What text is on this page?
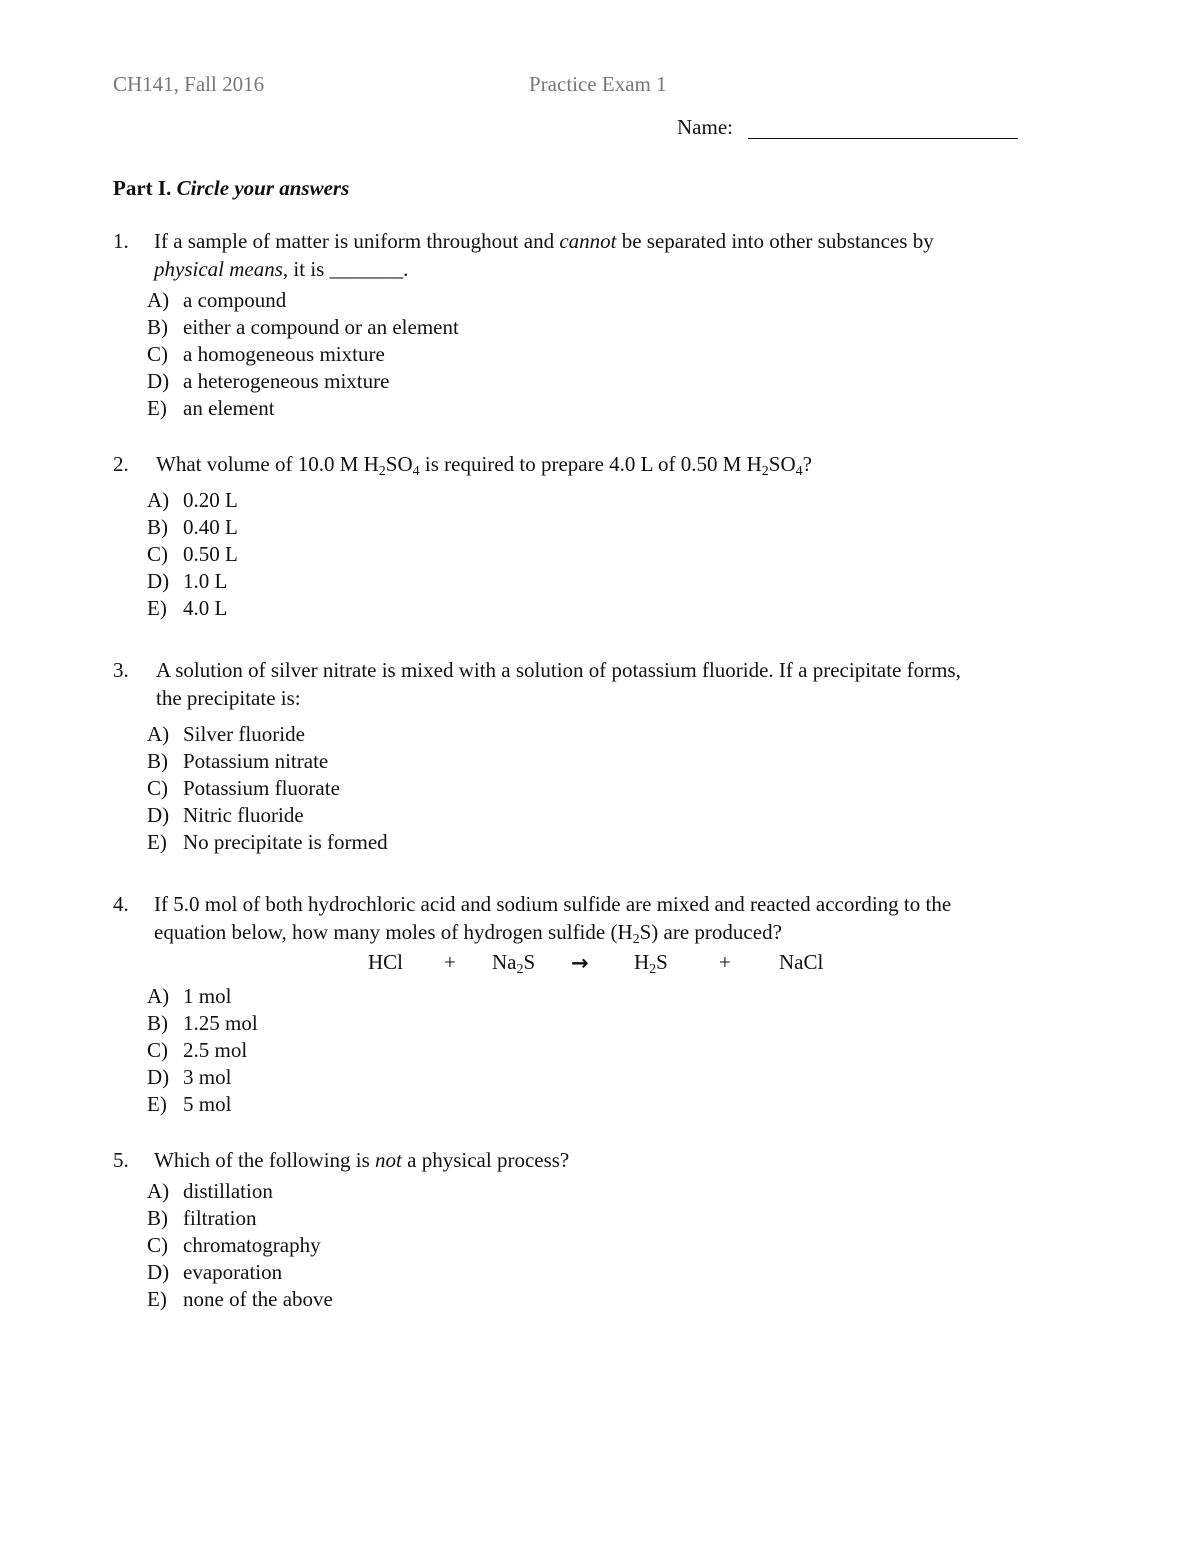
CH141, Fall 2016	Practice Exam 1
Name:
Part I. Circle your answers
1. If a sample of matter is uniform throughout and cannot be separated into other substances by
physical means, it is _______.
A) a compound
B) either a compound or an element
C) a homogeneous mixture
D) a heterogeneous mixture
E) an element
2. What volume of 10.0 M $H_2SO_4$ is required to prepare 4.0 L of 0.50 M $H_2SO_4$?
A) 0.20 L
B) 0.40 L
C) 0.50 L
D) 1.0 L
E) 4.0 L
3. A solution of silver nitrate is mixed with a solution of potassium fluoride. If a precipitate forms,
the precipitate is:
A) Silver fluoride
B) Potassium nitrate
C) Potassium fluorate
D) Nitric fluoride
E) No precipitate is formed
4. If 5.0 mol of both hydrochloric acid and sodium sulfide are mixed and reacted according to the
equation below, how many moles of hydrogen sulfide $(H_2S)$ are produced?
HCl + $Na_2S \to H_2S$ + NaCl
A) 1 mol
B) 1.25 mol
C) 2.5 mol
D) 3 mol
E) 5 mol
5. Which of the following is not a physical process?
A) distillation
B) filtration
C) chromatography
D) evaporation
E) none of the above
